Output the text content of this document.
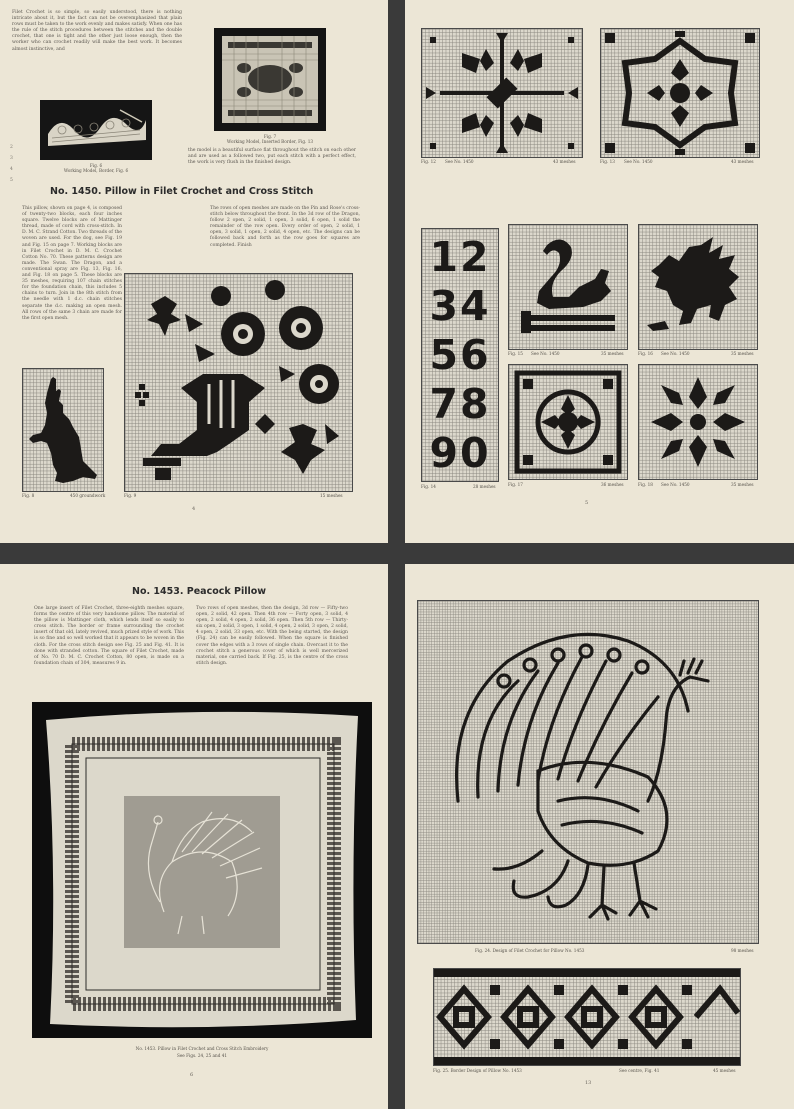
Filet Crochet is so simple, so easily understood, there is nothing intricate about it, but the fact can not be overemphasized that plain rows must be taken to the work evenly and makes satisfy. When one has the rule of the stitch procedures between the stitches and the double crochet, that one is tight and the other just loose enough, then the worker who can crochet readily will make the best work. It becomes almost instinctive, and
Fig. 6
Working Model, Border, Fig. 6
Fig. 7
Working Model, Inserted Border, Fig. 13
the model is a beautiful surface flat throughout the stitch on each other and are used as a followed two, put each stitch with a perfect effect, the work is very flush in the finished design.
2
3
4
5
No. 1450. Pillow in Filet Crochet and Cross Stitch
This pillow, shown on page 4, is composed of twenty-two blocks, each four inches square. Twelve blocks are of Mattinger thread, made of cord with cross-stitch. In D. M. C. Strand Cotton. Two threads of the woven are used. For the dog, see Fig. 19 and Fig. 15 on page 7. Working blocks are in Filet Crochet in D. M. C. Crochet Cotton No. 70. These patterns design are made. The Swan. The Dragon, and a conventional spray are Fig. 13, Fig. 16, and Fig. 18 on page 5. These blocks are 35 meshes, requiring 107 chain stitches for the foundation chain, this includes 5 chains to turn. Join in the 8th stitch from the needle with 1 d.c. chain stitches separate the d.c. making an open mesh. All rows of the same 3 chain are made for the first open mesh.
The rows of open meshes are made on the Pin and Rose's cross-stitch below throughout the front. In the 3d row of the Dragon, follow 2 open, 2 solid, 1 open, 3 solid, 6 open, 1 solid the remainder of the row open. Every order of open, 2 solid, 1 open, 3 solid, 1 open, 2 solid, 4 open, etc. The designs can be followed back and forth as the row goes for squares are completed. Finish
Fig. 8	450 groundwork	Fig. 9	15 meshes
4
Fig. 12 See No. 1450	43 meshes	Fig. 13 See No. 1450	43 meshes
12
34
56
78
90
Fig. 14	28 meshes
Fig. 15 See No. 1450	35 meshes	Fig. 16 See No. 1450	35 meshes
Fig. 17	36 meshes	Fig. 18 See No. 1450	35 meshes
5
No. 1453. Peacock Pillow
One large insert of Filet Crochet, three-eighth meshes square, forms the centre of this very handsome pillow. The material of the pillow is Mattinger cloth, which lends itself so easily to cross stitch. The border or frame surrounding the crochet insert of that old, lately revived, much prized style of work. This is so fine and so well worked that it appears to be woven in the cloth. For the cross stitch design see Fig. 25 and Fig. 41. It is done with stranded cotton. The square of Filet Crochet, made of No. 70 D. M. C. Crochet Cotton, 80 open, is made on a foundation chain of 304, measures 9 in.
Two rows of open meshes, then the design, 3d row — Fifty-two open, 2 solid, 42 open. Then 4th row — Forty open, 3 solid, 4 open, 2 solid, 4 open, 2 solid, 36 open. Then 5th row — Thirty-six open, 2 solid, 3 open, 1 solid, 4 open, 2 solid, 3 open, 2 solid, 4 open, 2 solid, 33 open, etc. With the being started, the design (Fig. 24) can be easily followed. When the square is finished cover the edges with a 3 rows of single chain. Overcast it to the crochet stitch a generous cover of which is well mercerized material, one carried back. If Fig. 25, is the centre of the cross stitch design.
No. 1453. Pillow in Filet Crochet and Cross Stitch Embroidery
See Figs. 24, 25 and 41
6
Fig. 24. Design of Filet Crochet for Pillow No. 1453	98 meshes
Fig. 25. Border Design of Pillow No. 1453	See centre, Fig. 41	45 meshes
13
